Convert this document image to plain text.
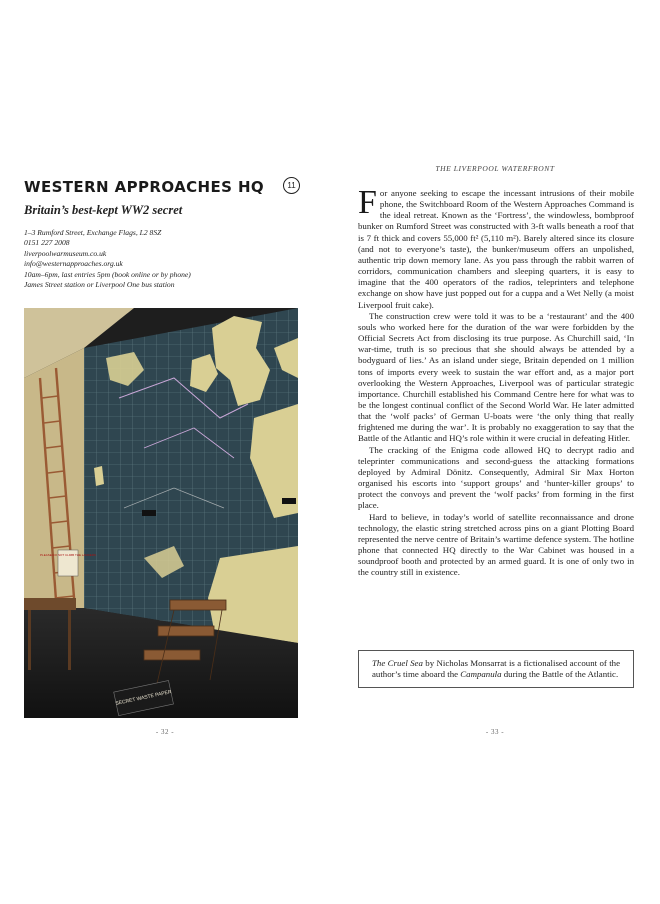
WESTERN APPROACHES HQ	11
Britain’s best-kept WW2 secret
1–3 Rumford Street, Exchange Flags, L2 8SZ
0151 227 2008
liverpoolwarmuseum.co.uk
info@westernapproaches.org.uk
10am–6pm, last entries 5pm (book online or by phone)
James Street station or Liverpool One bus station
PLEASE DO NOT CLIMB THE LADDERS
SECRET WASTE PAPER
- 32 -
THE LIVERPOOL WATERFRONT

For anyone seeking to escape the incessant intrusions of their mobile phone, the Switchboard Room of the Western Approaches Command is the ideal retreat. Known as the ‘Fortress’, the windowless, bombproof bunker on Rumford Street was constructed with 3-ft walls beneath a roof that is 7 ft thick and covers 55,000 ft² (5,110 m²). Barely altered since its closure (and not to everyone’s taste), the bunker/museum offers an unpolished, authentic trip down memory lane. As you pass through the rabbit warren of corridors, communication chambers and sleeping quarters, it is easy to imagine that the 400 operators of the radios, teleprinters and telephone exchange on show have just popped out for a cuppa and a Wet Nelly (a moist Liverpool fruit cake).

The construction crew were told it was to be a ‘restaurant’ and the 400 souls who worked here for the duration of the war were forbidden by the Official Secrets Act from disclosing its true purpose. As Churchill said, ‘In war-time, truth is so precious that she should always be attended by a bodyguard of lies.’ As an island under siege, Britain depended on 1 million tons of imports every week to sustain the war effort and, as a major port overlooking the Western Approaches, Liverpool was of particular strategic importance. Churchill established his Command Centre here for what was to be the longest continual conflict of the Second World War. He later admitted that the ‘wolf packs’ of German U-boats were ‘the only thing that really frightened me during the war’. It is probably no exaggeration to say that the Battle of the Atlantic and HQ’s role within it were crucial in defeating Hitler.

The cracking of the Enigma code allowed HQ to decrypt radio and teleprinter communications and second-guess the attacking formations deployed by Admiral Dönitz. Consequently, Admiral Sir Max Horton organised his escorts into ‘support groups’ and ‘hunter-killer groups’ to protect the convoys and prevent the ‘wolf packs’ from forming in the first place.

Hard to believe, in today’s world of satellite reconnaissance and drone technology, the elastic string stretched across pins on a giant Plotting Board represented the nerve centre of Britain’s wartime defence system. The hotline phone that connected HQ directly to the War Cabinet was housed in a soundproof booth and protected by an armed guard. It is one of only two in the country still in existence.

The Cruel Sea by Nicholas Monsarrat is a fictionalised account of the author’s time aboard the Campanula during the Battle of the Atlantic.
- 33 -
